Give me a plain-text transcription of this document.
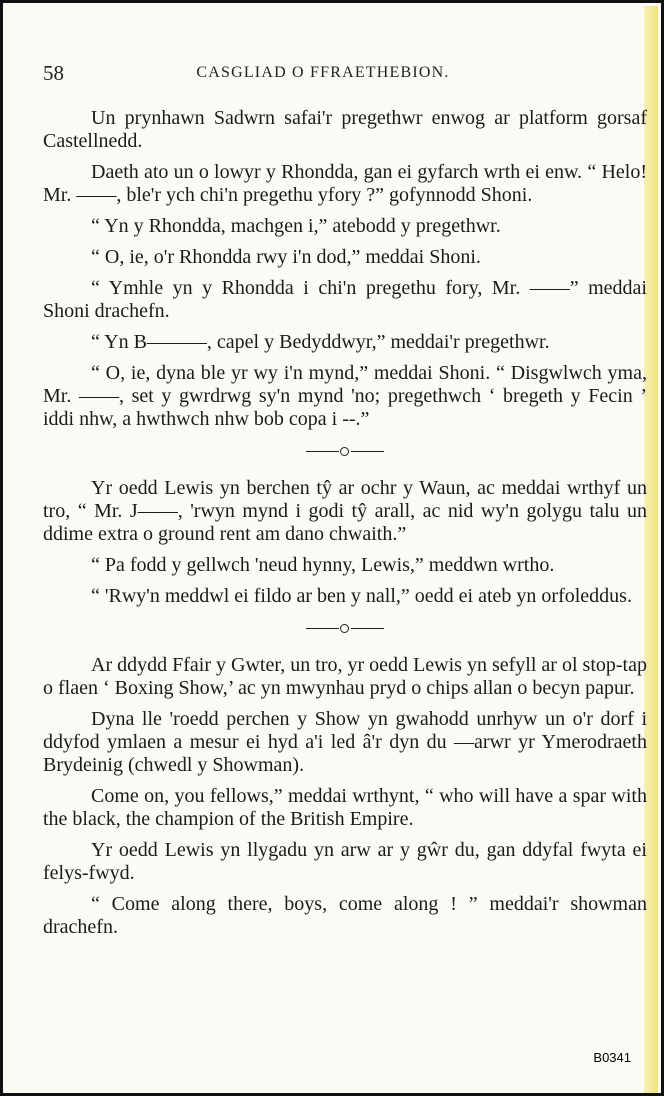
58	CASGLIAD O FFRAETHEBION.

Un prynhawn Sadwrn safai'r pregethwr enwog ar platform gorsaf Castellnedd.

Daeth ato un o lowyr y Rhondda, gan ei gyfarch wrth ei enw. “ Helo! Mr. ——, ble'r ych chi'n pregethu yfory ?” gofynnodd Shoni.

“ Yn y Rhondda, machgen i,” atebodd y pregethwr.

“ O, ie, o'r Rhondda rwy i'n dod,” meddai Shoni.

“ Ymhle yn y Rhondda i chi'n pregethu fory, Mr. ——” meddai Shoni drachefn.

“ Yn B———, capel y Bedyddwyr,” meddai'r pregethwr.

“ O, ie, dyna ble yr wy i'n mynd,” meddai Shoni. “ Disgwlwch yma, Mr. ——, set y gwrdrwg sy'n mynd 'no; pregethwch ‘ bregeth y Fecin ’ iddi nhw, a hwthwch nhw bob copa i --.”

Yr oedd Lewis yn berchen tŷ ar ochr y Waun, ac meddai wrthyf un tro, “ Mr. J——, 'rwyn mynd i godi tŷ arall, ac nid wy'n golygu talu un ddime extra o ground rent am dano chwaith.”

“ Pa fodd y gellwch 'neud hynny, Lewis,” meddwn wrtho.

“ 'Rwy'n meddwl ei fildo ar ben y nall,” oedd ei ateb yn orfoleddus.

Ar ddydd Ffair y Gwter, un tro, yr oedd Lewis yn sefyll ar ol stop-tap o flaen ‘ Boxing Show,’ ac yn mwynhau pryd o chips allan o becyn papur.

Dyna lle 'roedd perchen y Show yn gwahodd unrhyw un o'r dorf i ddyfod ymlaen a mesur ei hyd a'i led â'r dyn du —arwr yr Ymerodraeth Brydeinig (chwedl y Showman).

Come on, you fellows,” meddai wrthynt, “ who will have a spar with the black, the champion of the British Empire.

Yr oedd Lewis yn llygadu yn arw ar y gŵr du, gan ddyfal fwyta ei felys-fwyd.

“ Come along there, boys, come along ! ” meddai'r showman drachefn.

B0341
